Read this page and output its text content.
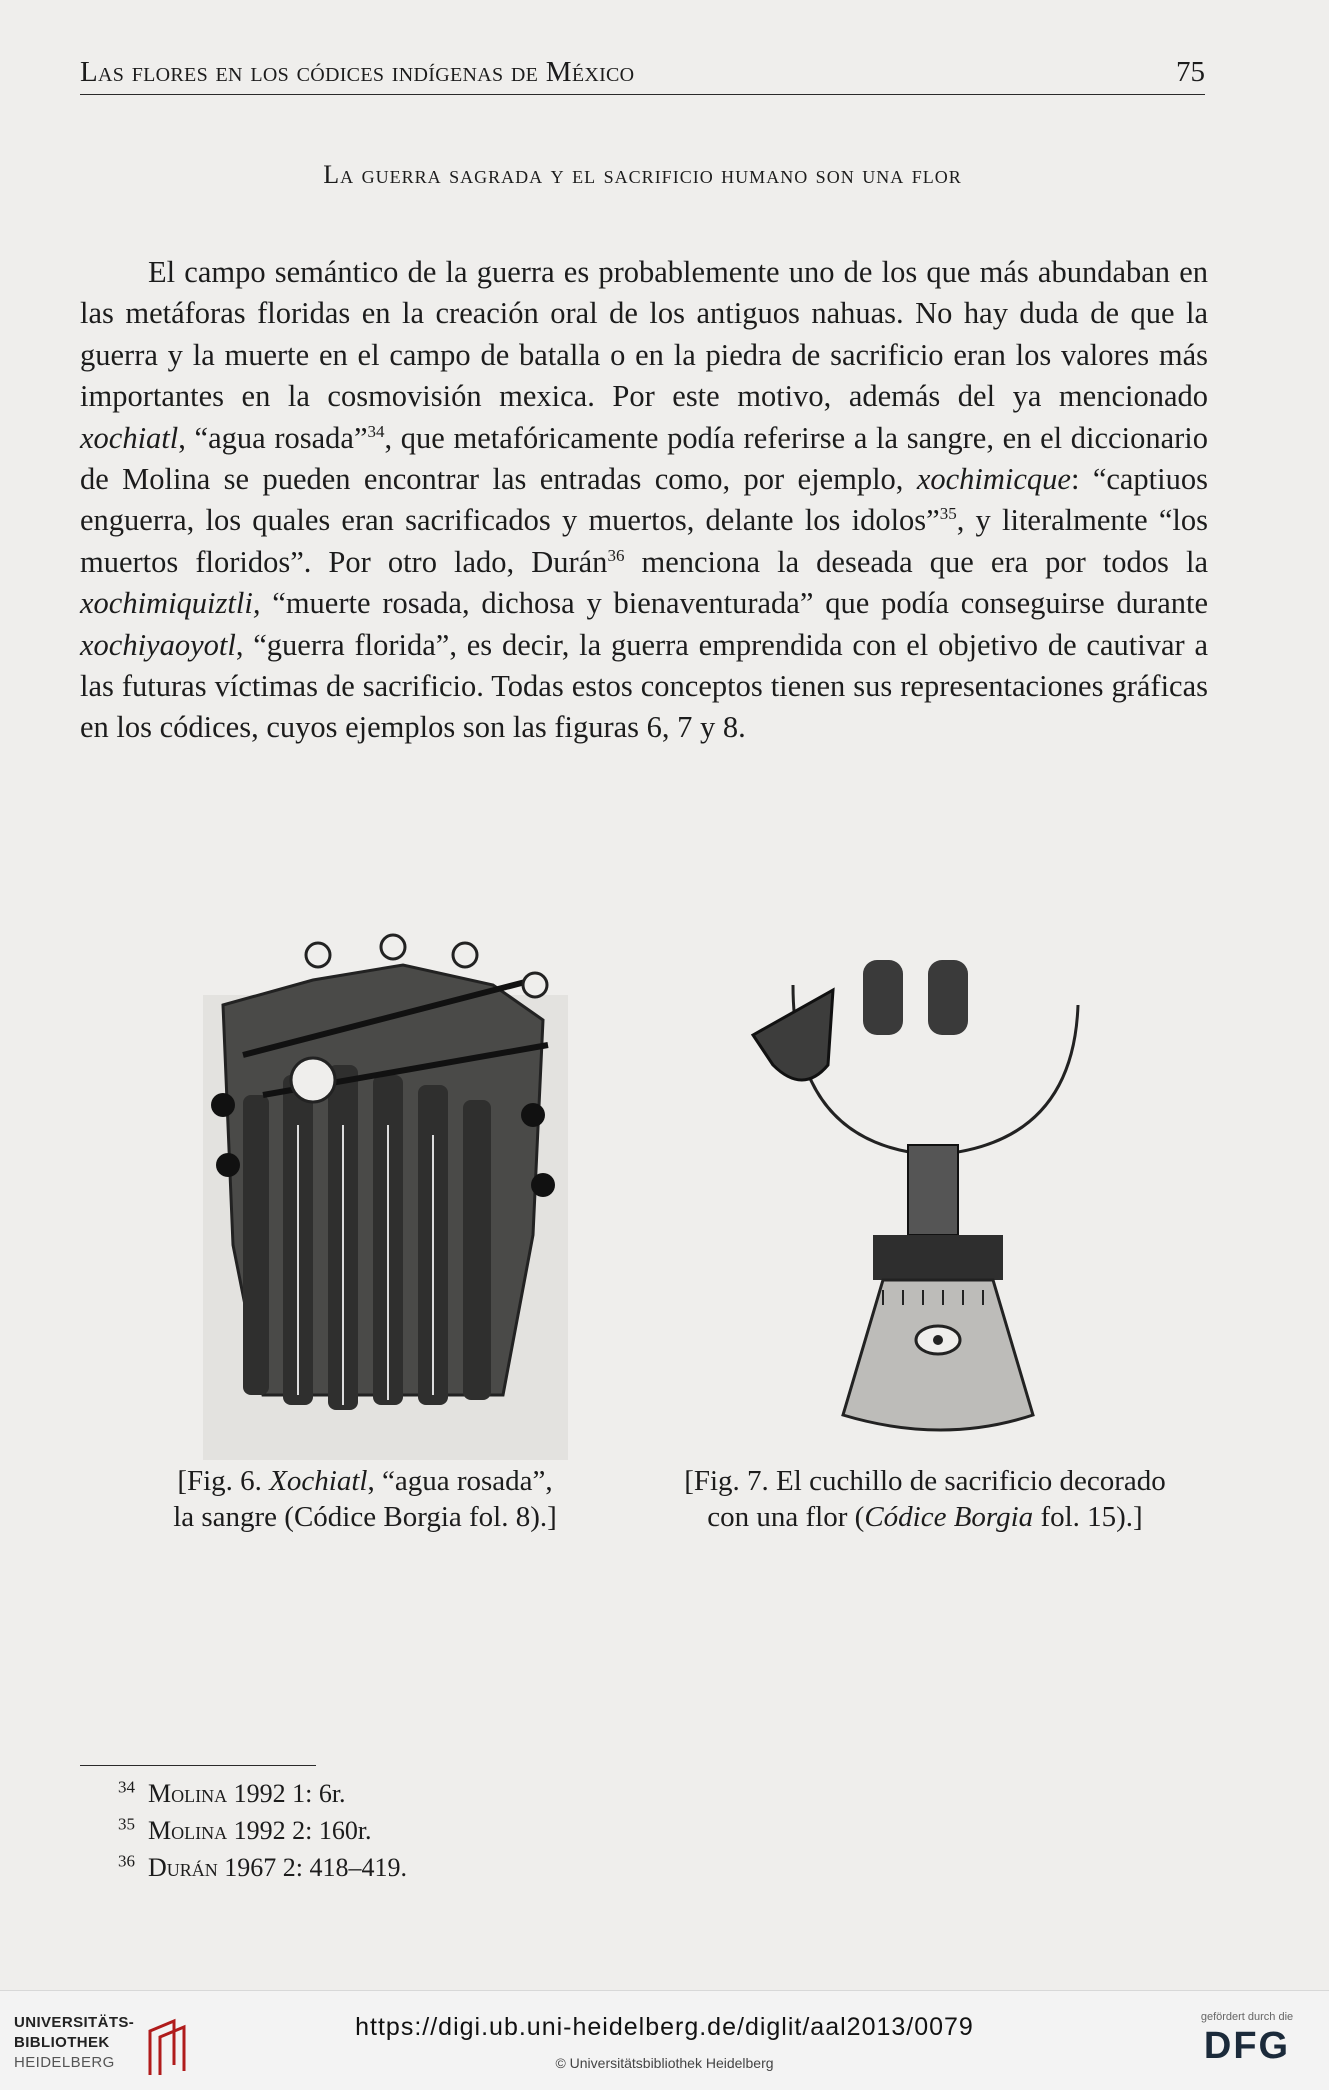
Las flores en los códices indígenas de México	75
La guerra sagrada y el sacrificio humano son una flor

El campo semántico de la guerra es probablemente uno de los que más abundaban en las metáforas floridas en la creación oral de los antiguos nahuas. No hay duda de que la guerra y la muerte en el campo de batalla o en la piedra de sacrificio eran los valores más importantes en la cosmovisión mexica. Por este motivo, además del ya mencionado xochiatl, “agua rosada”$^{34}$, que metafóricamente podía referirse a la sangre, en el diccionario de Molina se pueden encontrar las entradas como, por ejemplo, xochimicque: “captiuos enguerra, los quales eran sacrificados y muertos, delante los idolos”$^{35}$, y literalmente “los muertos floridos”. Por otro lado, Durán$^{36}$ menciona la deseada que era por todos la xochimiquiztli, “muerte rosada, dichosa y bienaventurada” que podía conseguirse durante xochiyaoyotl, “guerra florida”, es decir, la guerra emprendida con el objetivo de cautivar a las futuras víctimas de sacrificio. Todas estos conceptos tienen sus representaciones gráficas en los códices, cuyos ejemplos son las figuras 6, 7 y 8.

[Fig. 6. Xochiatl, “agua rosada”,
la sangre (Códice Borgia fol. 8).]
[Fig. 7. El cuchillo de sacrificio decorado
con una flor (Códice Borgia fol. 15).]
$^{34}$ Molina 1992 1: 6r.
$^{35}$ Molina 1992 2: 160r.
$^{36}$ Durán 1967 2: 418–419.
UNIVERSITÄTS-
BIBLIOTHEK
HEIDELBERG
https://digi.ub.uni-heidelberg.de/diglit/aal2013/0079
© Universitätsbibliothek Heidelberg
gefördert durch die
DFG
